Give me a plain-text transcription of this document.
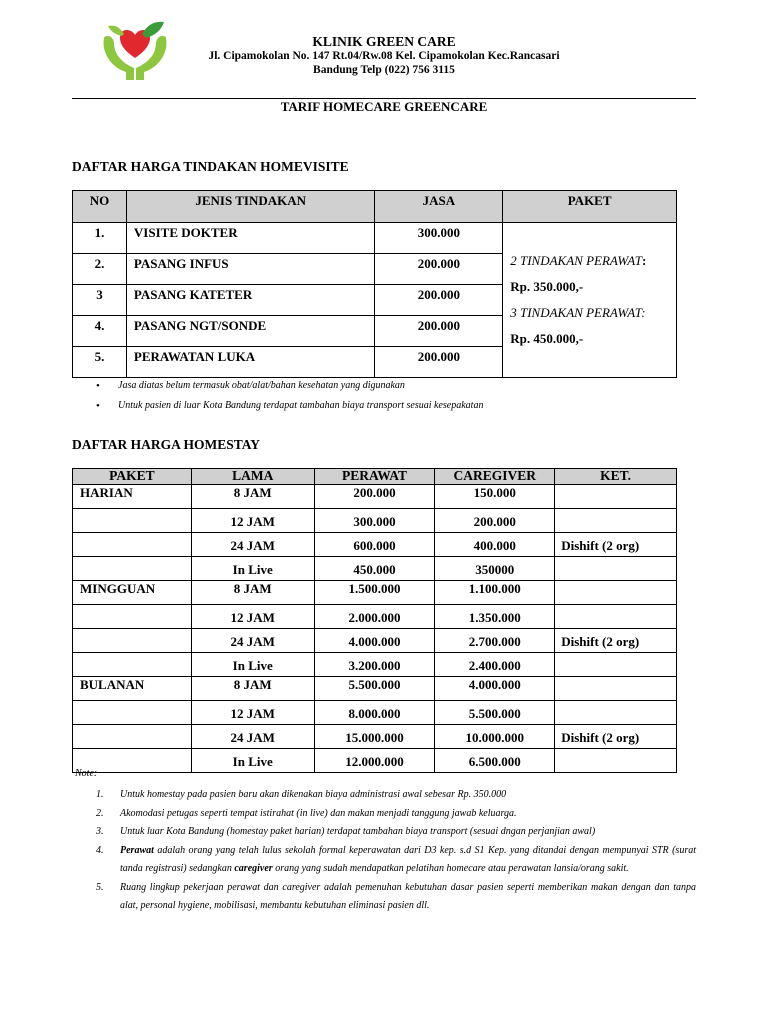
KLINIK GREEN CARE
Jl. Cipamokolan No. 147 Rt.04/Rw.08 Kel. Cipamokolan Kec.Rancasari
Bandung Telp (022) 756 3115
TARIF HOMECARE GREENCARE
DAFTAR HARGA TINDAKAN HOMEVISITE
NO	JENIS TINDAKAN	JASA	PAKET
1.	VISITE DOKTER	300.000	2 TINDAKAN PERAWAT:
Rp. 350.000,-
3 TINDAKAN PERAWAT:
Rp. 450.000,-

2.	PASANG INFUS	200.000	
3	PASANG KATETER	200.000	
4.	PASANG NGT/SONDE	200.000	
5.	PERAWATAN LUKA	200.000	
• Jasa diatas belum termasuk obat/alat/bahan kesehatan yang digunakan
• Untuk pasien di luar Kota Bandung terdapat tambahan biaya transport sesuai kesepakatan
DAFTAR HARGA HOMESTAY
PAKET	LAMA	PERAWAT	CAREGIVER	KET.
HARIAN	8 JAM	200.000	150.000	
	12 JAM	300.000	200.000	
	24 JAM	600.000	400.000	Dishift (2 org)
	In Live	450.000	350000	
MINGGUAN	8 JAM	1.500.000	1.100.000	
	12 JAM	2.000.000	1.350.000	
	24 JAM	4.000.000	2.700.000	Dishift (2 org)
	In Live	3.200.000	2.400.000	
BULANAN	8 JAM	5.500.000	4.000.000	
	12 JAM	8.000.000	5.500.000	
	24 JAM	15.000.000	10.000.000	Dishift (2 org)
	In Live	12.000.000	6.500.000	
Note:
1. Untuk homestay pada pasien baru akan dikenakan biaya administrasi awal sebesar Rp. 350.000
2. Akomodasi petugas seperti tempat istirahat (in live) dan makan menjadi tanggung jawab keluarga.
3. Untuk luar Kota Bandung (homestay paket harian) terdapat tambahan biaya transport (sesuai dngan perjanjian awal)
4. Perawat adalah orang yang telah lulus sekolah formal keperawatan dari D3 kep. s.d S1 Kep. yang ditandai dengan mempunyai STR (surat tanda registrasi) sedangkan caregiver orang yang sudah mendapatkan pelatihan homecare atau perawatan lansia/orang sakit.
5. Ruang lingkup pekerjaan perawat dan caregiver adalah pemenuhan kebutuhan dasar pasien seperti memberikan makan dengan dan tanpa alat, personal hygiene, mobilisasi, membantu kebutuhan eliminasi pasien dll.
